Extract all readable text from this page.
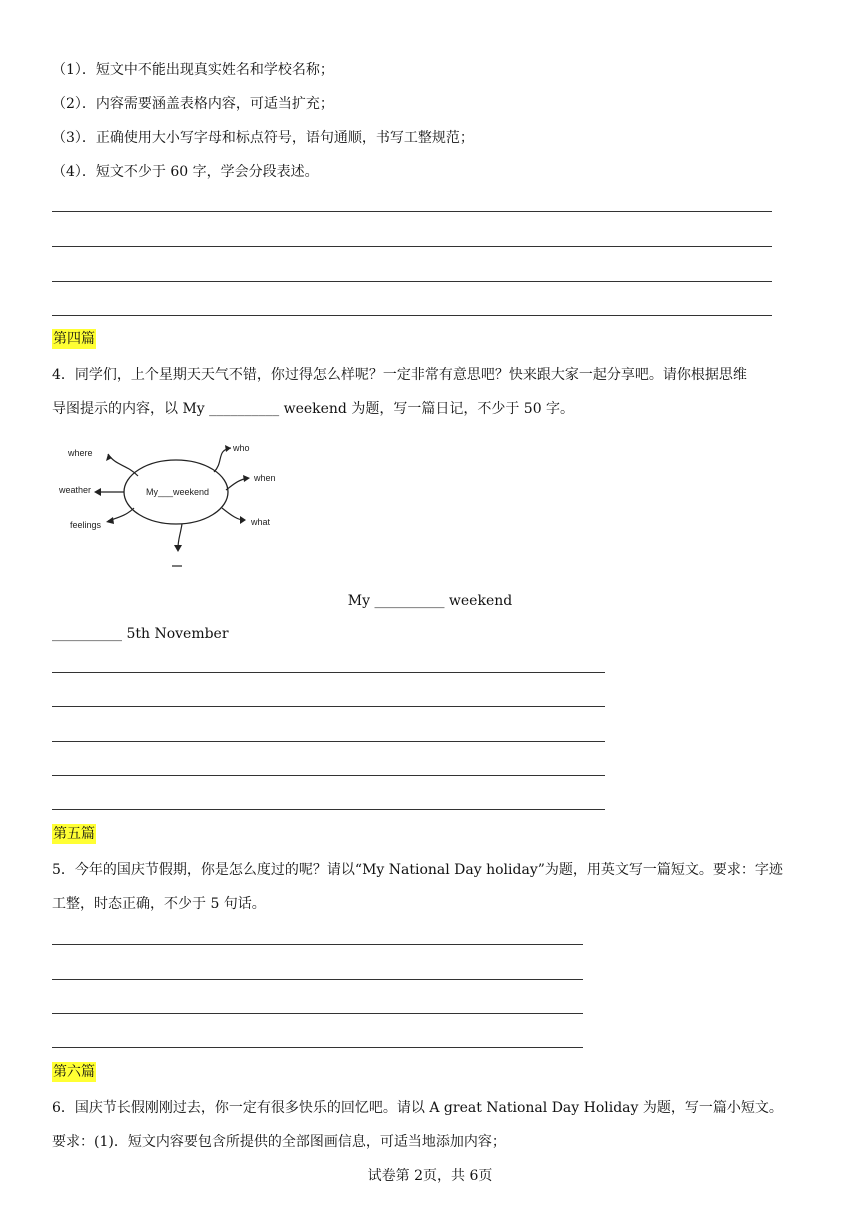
（1）．短文中不能出现真实姓名和学校名称；
（2）．内容需要涵盖表格内容，可适当扩充；
（3）．正确使用大小写字母和标点符号，语句通顺，书写工整规范；
（4）．短文不少于 60 字，学会分段表述。
第四篇
4．同学们，上个星期天天气不错，你过得怎么样呢？一定非常有意思吧？快来跟大家一起分享吧。请你根据思维
导图提示的内容，以 My __________ weekend 为题，写一篇日记，不少于 50 字。
My___weekend
where	who
when
what
weather
feelings
My __________ weekend
__________ 5th November
第五篇
5．今年的国庆节假期，你是怎么度过的呢？请以“My National Day holiday”为题，用英文写一篇短文。要求：字迹
工整，时态正确，不少于 5 句话。
第六篇
6．国庆节长假刚刚过去，你一定有很多快乐的回忆吧。请以 A great National Day Holiday 为题，写一篇小短文。
要求：(1)．短文内容要包含所提供的全部图画信息，可适当地添加内容；
试卷第 2页，共 6页
